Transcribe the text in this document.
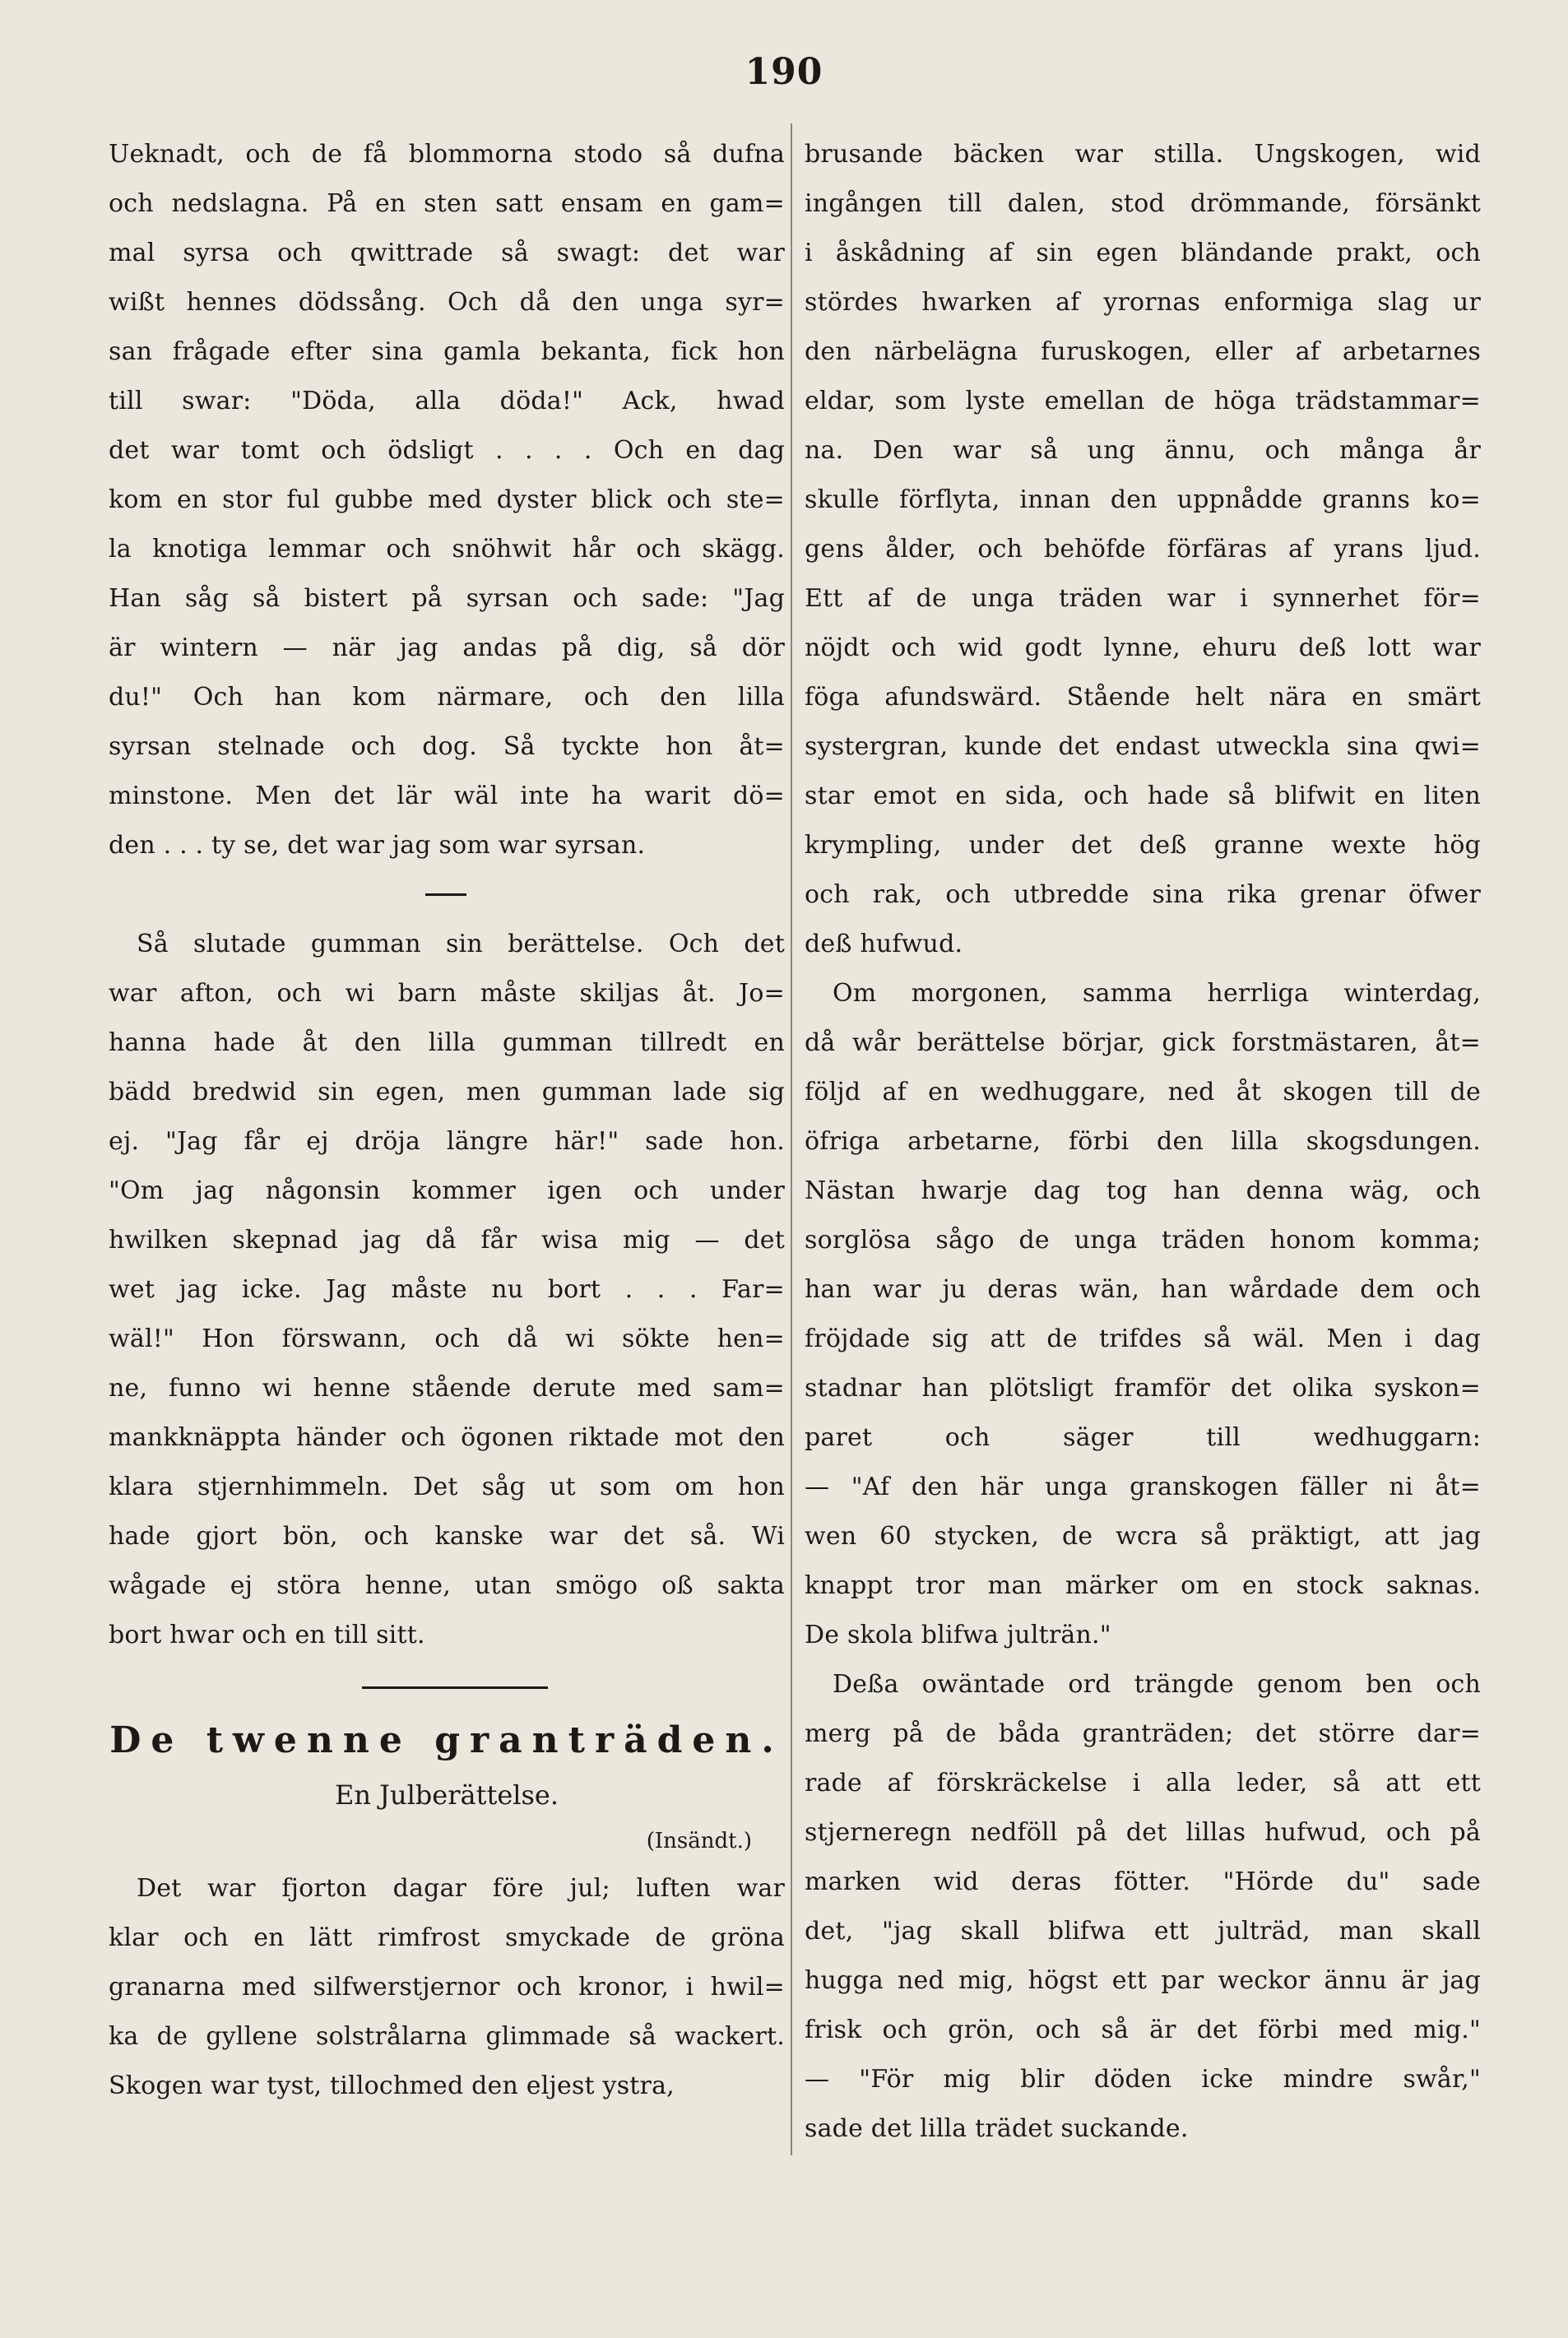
190
Ueknadt, och de få blommorna stodo så dufna
och nedslagna. På en sten satt ensam en gam=
mal syrsa och qwittrade så swagt: det war
wißt hennes dödssång. Och då den unga syr=
san frågade efter sina gamla bekanta, fick hon
till swar: "Döda, alla döda!" Ack, hwad
det war tomt och ödsligt . . . . Och en dag
kom en stor ful gubbe med dyster blick och ste=
la knotiga lemmar och snöhwit hår och skägg.
Han såg så bistert på syrsan och sade: "Jag
är wintern — när jag andas på dig, så dör
du!" Och han kom närmare, och den lilla
syrsan stelnade och dog. Så tyckte hon åt=
minstone. Men det lär wäl inte ha warit dö=
den . . . ty se, det war jag som war syrsan.
Så slutade gumman sin berättelse. Och det
war afton, och wi barn måste skiljas åt. Jo=
hanna hade åt den lilla gumman tillredt en
bädd bredwid sin egen, men gumman lade sig
ej. "Jag får ej dröja längre här!" sade hon.
"Om jag någonsin kommer igen och under
hwilken skepnad jag då får wisa mig — det
wet jag icke. Jag måste nu bort . . . Far=
wäl!" Hon förswann, och då wi sökte hen=
ne, funno wi henne stående derute med sam=
mankknäppta händer och ögonen riktade mot den
klara stjernhimmeln. Det såg ut som om hon
hade gjort bön, och kanske war det så. Wi
wågade ej störa henne, utan smögo oß sakta
bort hwar och en till sitt.
De twenne granträden.
En Julberättelse.
(Insändt.)
Det war fjorton dagar före jul; luften war
klar och en lätt rimfrost smyckade de gröna
granarna med silfwerstjernor och kronor, i hwil=
ka de gyllene solstrålarna glimmade så wackert.
Skogen war tyst, tillochmed den eljest ystra,
brusande bäcken war stilla. Ungskogen, wid
ingången till dalen, stod drömmande, försänkt
i åskådning af sin egen bländande prakt, och
stördes hwarken af yrornas enformiga slag ur
den närbelägna furuskogen, eller af arbetarnes
eldar, som lyste emellan de höga trädstammar=
na. Den war så ung ännu, och många år
skulle förflyta, innan den uppnådde granns ko=
gens ålder, och behöfde förfäras af yrans ljud.
Ett af de unga träden war i synnerhet för=
nöjdt och wid godt lynne, ehuru deß lott war
föga afundswärd. Stående helt nära en smärt
systergran, kunde det endast utweckla sina qwi=
star emot en sida, och hade så blifwit en liten
krympling, under det deß granne wexte hög
och rak, och utbredde sina rika grenar öfwer
deß hufwud.
Om morgonen, samma herrliga winterdag,
då wår berättelse börjar, gick forstmästaren, åt=
följd af en wedhuggare, ned åt skogen till de
öfriga arbetarne, förbi den lilla skogsdungen.
Nästan hwarje dag tog han denna wäg, och
sorglösa sågo de unga träden honom komma;
han war ju deras wän, han wårdade dem och
fröjdade sig att de trifdes så wäl. Men i dag
stadnar han plötsligt framför det olika syskon=
paret och säger till wedhuggarn:
— "Af den här unga granskogen fäller ni åt=
wen 60 stycken, de wcra så präktigt, att jag
knappt tror man märker om en stock saknas.
De skola blifwa julträn."
Deßa owäntade ord trängde genom ben och
merg på de båda granträden; det större dar=
rade af förskräckelse i alla leder, så att ett
stjerneregn nedföll på det lillas hufwud, och på
marken wid deras fötter. "Hörde du" sade
det, "jag skall blifwa ett julträd, man skall
hugga ned mig, högst ett par weckor ännu är jag
frisk och grön, och så är det förbi med mig."
— "För mig blir döden icke mindre swår,"
sade det lilla trädet suckande.
